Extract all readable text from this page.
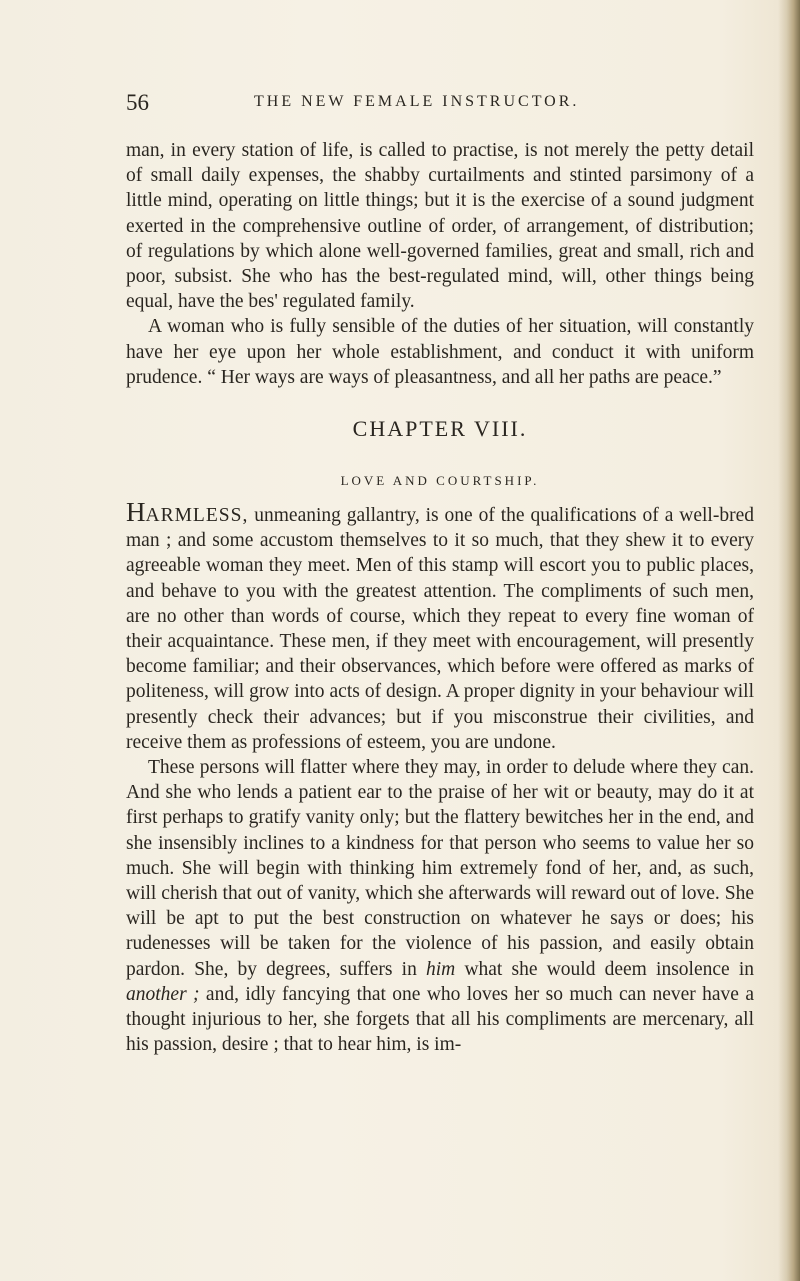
56	THE NEW FEMALE INSTRUCTOR.

man, in every station of life, is called to practise, is not merely the petty detail of small daily expenses, the shabby curtailments and stinted parsimony of a little mind, operating on little things; but it is the exercise of a sound judgment exerted in the comprehensive outline of order, of arrangement, of distribution; of regulations by which alone well-governed families, great and small, rich and poor, subsist. She who has the best-regulated mind, will, other things being equal, have the bes' regulated family.

A woman who is fully sensible of the duties of her situation, will constantly have her eye upon her whole establishment, and conduct it with uniform prudence. “ Her ways are ways of pleasantness, and all her paths are peace.”

CHAPTER VIII.
LOVE AND COURTSHIP.

HARMLESS, unmeaning gallantry, is one of the qualifications of a well-bred man ; and some accustom themselves to it so much, that they shew it to every agreeable woman they meet. Men of this stamp will escort you to public places, and behave to you with the greatest attention. The compliments of such men, are no other than words of course, which they repeat to every fine woman of their acquaintance. These men, if they meet with encouragement, will presently become familiar; and their observances, which before were offered as marks of politeness, will grow into acts of design. A proper dignity in your behaviour will presently check their advances; but if you misconstrue their civilities, and receive them as professions of esteem, you are undone.

These persons will flatter where they may, in order to delude where they can. And she who lends a patient ear to the praise of her wit or beauty, may do it at first perhaps to gratify vanity only; but the flattery bewitches her in the end, and she insensibly inclines to a kindness for that person who seems to value her so much. She will begin with thinking him extremely fond of her, and, as such, will cherish that out of vanity, which she afterwards will reward out of love. She will be apt to put the best construction on whatever he says or does; his rudenesses will be taken for the violence of his passion, and easily obtain pardon. She, by degrees, suffers in him what she would deem insolence in another ; and, idly fancying that one who loves her so much can never have a thought injurious to her, she forgets that all his compliments are mercenary, all his passion, desire ; that to hear him, is im-
